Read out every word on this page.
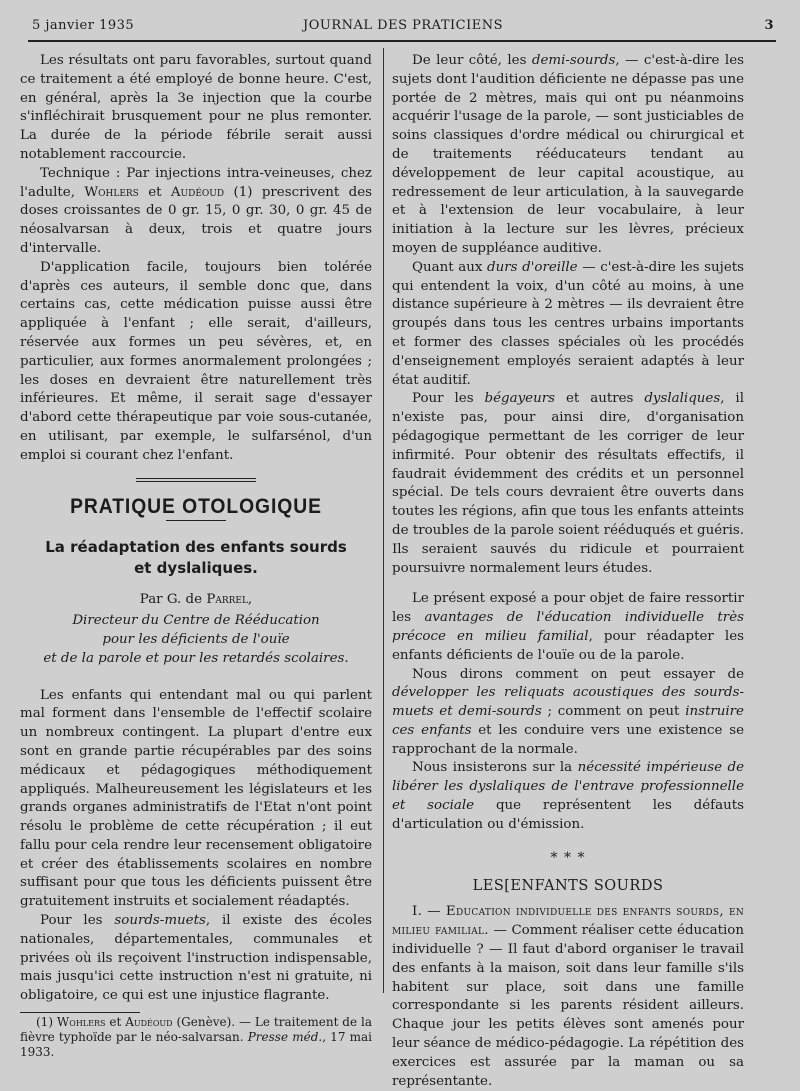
5 janvier 1935	JOURNAL DES PRATICIENS	3

Les résultats ont paru favorables, surtout quand ce traitement a été employé de bonne heure. C'est, en général, après la 3e injection que la courbe s'infléchirait brusquement pour ne plus remonter. La durée de la période fébrile serait aussi notablement raccourcie.

Technique : Par injections intra-veineuses, chez l'adulte, Wohlers et Audéoud (1) prescrivent des doses croissantes de 0 gr. 15, 0 gr. 30, 0 gr. 45 de néosalvarsan à deux, trois et quatre jours d'intervalle.

D'application facile, toujours bien tolérée d'après ces auteurs, il semble donc que, dans certains cas, cette médication puisse aussi être appliquée à l'enfant ; elle serait, d'ailleurs, réservée aux formes un peu sévères, et, en particulier, aux formes anormalement prolongées ; les doses en devraient être naturellement très inférieures. Et même, il serait sage d'essayer d'abord cette thérapeutique par voie sous-cutanée, en utilisant, par exemple, le sulfarsénol, d'un emploi si courant chez l'enfant.

PRATIQUE OTOLOGIQUE
La réadaptation des enfants sourds
et dyslaliques.
Par G. de Parrel,
Directeur du Centre de Rééducation
pour les déficients de l'ouïe
et de la parole et pour les retardés scolaires.

Les enfants qui entendant mal ou qui parlent mal forment dans l'ensemble de l'effectif scolaire un nombreux contingent. La plupart d'entre eux sont en grande partie récupérables par des soins médicaux et pédagogiques méthodiquement appliqués. Malheureusement les législateurs et les grands organes administratifs de l'Etat n'ont point résolu le problème de cette récupération ; il eut fallu pour cela rendre leur recensement obligatoire et créer des établissements scolaires en nombre suffisant pour que tous les déficients puissent être gratuitement instruits et socialement réadaptés.

Pour les sourds-muets, il existe des écoles nationales, départementales, communales et privées où ils reçoivent l'instruction indispensable, mais jusqu'ici cette instruction n'est ni gratuite, ni obligatoire, ce qui est une injustice flagrante.

(1) Wohlers et Audéoud (Genève). — Le traitement de la fièvre typhoïde par le néo-salvarsan. Presse méd., 17 mai 1933.

De leur côté, les demi-sourds, — c'est-à-dire les sujets dont l'audition déficiente ne dépasse pas une portée de 2 mètres, mais qui ont pu néanmoins acquérir l'usage de la parole, — sont justiciables de soins classiques d'ordre médical ou chirurgical et de traitements rééducateurs tendant au développement de leur capital acoustique, au redressement de leur articulation, à la sauvegarde et à l'extension de leur vocabulaire, à leur initiation à la lecture sur les lèvres, précieux moyen de suppléance auditive.

Quant aux durs d'oreille — c'est-à-dire les sujets qui entendent la voix, d'un côté au moins, à une distance supérieure à 2 mètres — ils devraient être groupés dans tous les centres urbains importants et former des classes spéciales où les procédés d'enseignement employés seraient adaptés à leur état auditif.

Pour les bégayeurs et autres dyslaliques, il n'existe pas, pour ainsi dire, d'organisation pédagogique permettant de les corriger de leur infirmité. Pour obtenir des résultats effectifs, il faudrait évidemment des crédits et un personnel spécial. De tels cours devraient être ouverts dans toutes les régions, afin que tous les enfants atteints de troubles de la parole soient rééduqués et guéris. Ils seraient sauvés du ridicule et pourraient poursuivre normalement leurs études.

Le présent exposé a pour objet de faire ressortir les avantages de l'éducation individuelle très précoce en milieu familial, pour réadapter les enfants déficients de l'ouïe ou de la parole.

Nous dirons comment on peut essayer de développer les reliquats acoustiques des sourds-muets et demi-sourds ; comment on peut instruire ces enfants et les conduire vers une existence se rapprochant de la normale.

Nous insisterons sur la nécessité impérieuse de libérer les dyslaliques de l'entrave professionnelle et sociale que représentent les défauts d'articulation ou d'émission.

* * *
LES[ENFANTS SOURDS

I. — Education individuelle des enfants sourds, en milieu familial. — Comment réaliser cette éducation individuelle ? — Il faut d'abord organiser le travail des enfants à la maison, soit dans leur famille s'ils habitent sur place, soit dans une famille correspondante si les parents résident ailleurs. Chaque jour les petits élèves sont amenés pour leur séance de médico-pédagogie. La répétition des exercices est assurée par la maman ou sa représentante.
